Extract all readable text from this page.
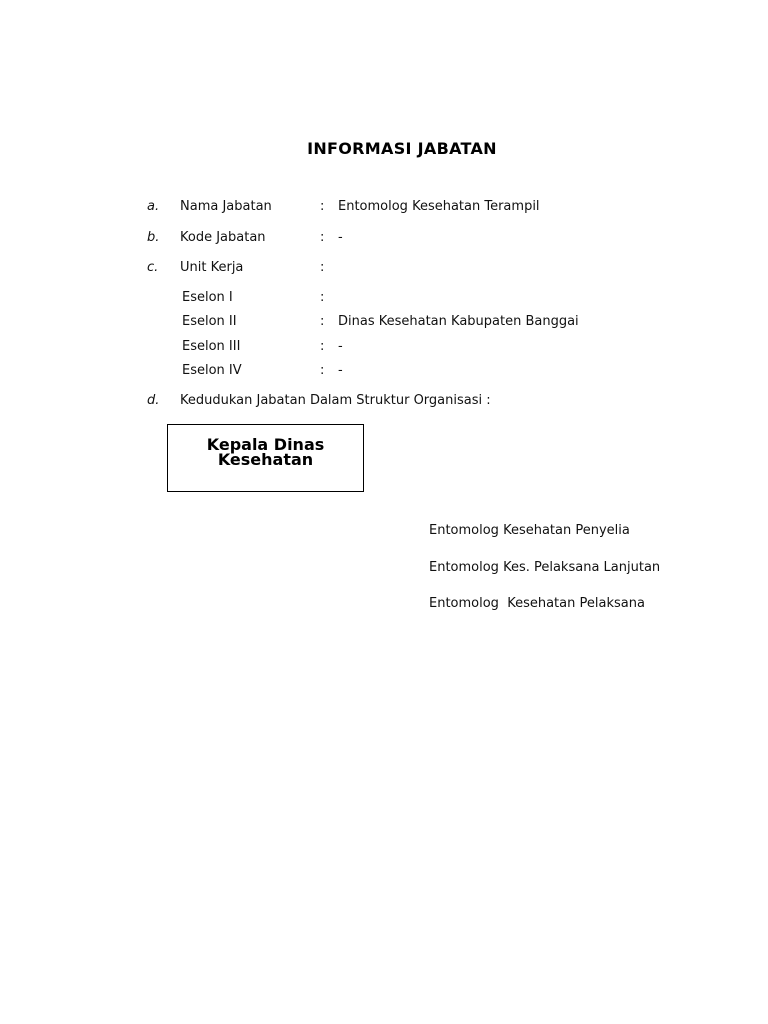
INFORMASI JABATAN
a. Nama Jabatan	: Entomolog Kesehatan Terampil
b. Kode Jabatan	: -
c. Unit Kerja	:
Eselon I	:
Eselon II	: Dinas Kesehatan Kabupaten Banggai
Eselon III	: -
Eselon IV	: -
d. Kedudukan Jabatan Dalam Struktur Organisasi :
Kepala Dinas
Kesehatan
Entomolog Kesehatan Penyelia
Entomolog Kes. Pelaksana Lanjutan
Entomolog  Kesehatan Pelaksana
